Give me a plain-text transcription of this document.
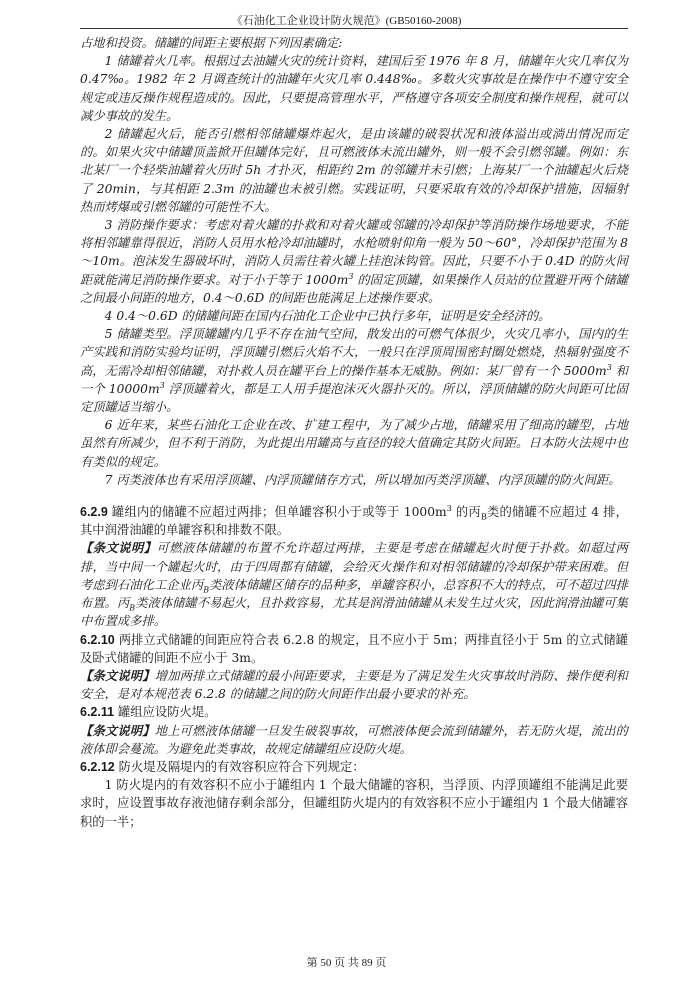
《石油化工企业设计防火规范》(GB50160-2008)

占地和投资。储罐的间距主要根据下列因素确定:

1 储罐着火几率。根据过去油罐火灾的统计资料，建国后至 1976 年 8 月，储罐年火灾几率仅为 0.47‰。1982 年 2 月调查统计的油罐年火灾几率 0.448‰。多数火灾事故是在操作中不遵守安全规定或违反操作规程造成的。因此，只要提高管理水平，严格遵守各项安全制度和操作规程，就可以减少事故的发生。

2 储罐起火后，能否引燃相邻储罐爆炸起火，是由该罐的破裂状况和液体溢出或淌出情况而定的。如果火灾中储罐顶盖掀开但罐体完好，且可燃液体未流出罐外，则一般不会引燃邻罐。例如：东北某厂一个轻柴油罐着火历时 5h 才扑灭，相距约 2m 的邻罐并未引燃；上海某厂一个油罐起火后烧了 20min，与其相距 2.3m 的油罐也未被引燃。实践证明，只要采取有效的冷却保护措施，因辐射热而烤爆或引燃邻罐的可能性不大。

3 消防操作要求：考虑对着火罐的扑救和对着火罐或邻罐的冷却保护等消防操作场地要求，不能将相邻罐靠得很近，消防人员用水枪冷却油罐时，水枪喷射仰角一般为 50～60°，冷却保护范围为 8～10m。泡沫发生器破坏时，消防人员需往着火罐上挂泡沫钩管。因此，只要不小于 0.4D 的防火间距就能满足消防操作要求。对于小于等于 $1000m^3$ 的固定顶罐，如果操作人员站的位置避开两个储罐之间最小间距的地方，0.4～0.6D 的间距也能满足上述操作要求。

4 0.4～0.6D 的储罐间距在国内石油化工企业中已执行多年，证明是安全经济的。

5 储罐类型。浮顶罐罐内几乎不存在油气空间，散发出的可燃气体很少，火灾几率小，国内的生产实践和消防实验均证明，浮顶罐引燃后火焰不大，一般只在浮顶周围密封圈处燃烧，热辐射强度不高，无需冷却相邻储罐，对扑救人员在罐平台上的操作基本无威胁。例如：某厂曾有一个 $5000m^3$ 和一个 $10000m^3$ 浮顶罐着火，都是工人用手提泡沫灭火器扑灭的。所以，浮顶储罐的防火间距可比固定顶罐适当缩小。

6 近年来，某些石油化工企业在改、扩建工程中，为了减少占地，储罐采用了细高的罐型，占地虽然有所减少，但不利于消防，为此提出用罐高与直径的较大值确定其防火间距。日本防火法规中也有类似的规定。

7 丙类液体也有采用浮顶罐、内浮顶罐储存方式，所以增加丙类浮顶罐、内浮顶罐的防火间距。

6.2.9 罐组内的储罐不应超过两排；但单罐容积小于或等于 $1000m^3$ 的丙$_B$类的储罐不应超过 4 排，其中润滑油罐的单罐容积和排数不限。

【条文说明】可燃液体储罐的布置不允许超过两排，主要是考虑在储罐起火时便于扑救。如超过两排，当中间一个罐起火时，由于四周都有储罐，会给灭火操作和对相邻储罐的冷却保护带来困难。但考虑到石油化工企业丙$_B$类液体储罐区储存的品种多，单罐容积小，总容积不大的特点，可不超过四排布置。丙$_B$类液体储罐不易起火，且扑救容易，尤其是润滑油储罐从未发生过火灾，因此润滑油罐可集中布置成多排。

6.2.10 两排立式储罐的间距应符合表 6.2.8 的规定，且不应小于 5m；两排直径小于 5m 的立式储罐及卧式储罐的间距不应小于 3m。

【条文说明】增加两排立式储罐的最小间距要求，主要是为了满足发生火灾事故时消防、操作便利和安全，是对本规范表 6.2.8 的储罐之间的防火间距作出最小要求的补充。

6.2.11 罐组应设防火堤。

【条文说明】地上可燃液体储罐一旦发生破裂事故，可燃液体便会流到储罐外，若无防火堤，流出的液体即会蔓流。为避免此类事故，故规定储罐组应设防火堤。

6.2.12 防火堤及隔堤内的有效容积应符合下列规定：

1 防火堤内的有效容积不应小于罐组内 1 个最大储罐的容积，当浮顶、内浮顶罐组不能满足此要求时，应设置事故存液池储存剩余部分，但罐组防火堤内的有效容积不应小于罐组内 1 个最大储罐容积的一半；

第 50 页 共 89 页
